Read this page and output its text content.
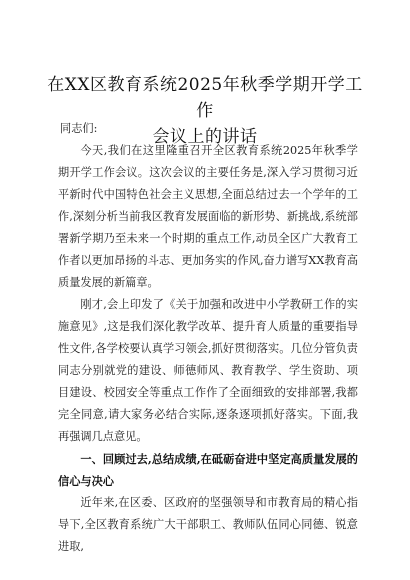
在XX区教育系统2025年秋季学期开学工作
会议上的讲话

同志们:

今天,我们在这里隆重召开全区教育系统2025年秋季学期开学工作会议。这次会议的主要任务是,深入学习贯彻习近平新时代中国特色社会主义思想,全面总结过去一个学年的工作,深刻分析当前我区教育发展面临的新形势、新挑战,系统部署新学期乃至未来一个时期的重点工作,动员全区广大教育工作者以更加昂扬的斗志、更加务实的作风,奋力谱写XX教育高质量发展的新篇章。

刚才,会上印发了《关于加强和改进中小学教研工作的实施意见》,这是我们深化教学改革、提升育人质量的重要指导性文件,各学校要认真学习领会,抓好贯彻落实。几位分管负责同志分别就党的建设、师德师风、教育教学、学生资助、项目建设、校园安全等重点工作作了全面细致的安排部署,我都完全同意,请大家务必结合实际,逐条逐项抓好落实。下面,我再强调几点意见。

一、回顾过去,总结成绩,在砥砺奋进中坚定高质量发展的信心与决心

近年来,在区委、区政府的坚强领导和市教育局的精心指导下,全区教育系统广大干部职工、教师队伍同心同德、锐意进取,
